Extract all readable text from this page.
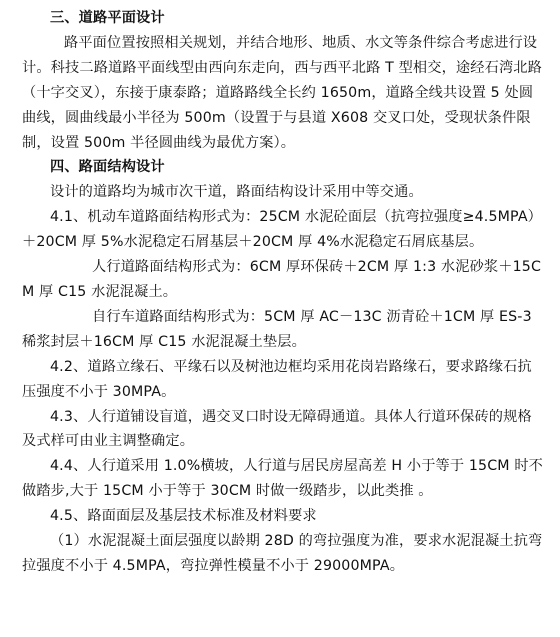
三、道路平面设计

路平面位置按照相关规划，并结合地形、地质、水文等条件综合考虑进行设计。科技二路道路平面线型由西向东走向，西与西平北路 T 型相交，途经石湾北路（十字交叉），东接于康泰路；道路路线全长约 1650m，道路全线共设置 5 处圆曲线，圆曲线最小半径为 500m（设置于与县道 X608 交叉口处，受现状条件限制，设置 500m 半径圆曲线为最优方案）。

四、路面结构设计

设计的道路均为城市次干道，路面结构设计采用中等交通。

4.1、机动车道路面结构形式为：25CM 水泥砼面层（抗弯拉强度≥4.5MPA）＋20CM 厚 5%水泥稳定石屑基层＋20CM 厚 4%水泥稳定石屑底基层。

人行道路面结构形式为：6CM 厚环保砖＋2CM 厚 1:3 水泥砂浆＋15CM 厚 C15 水泥混凝土。

自行车道路面结构形式为：5CM 厚 AC－13C 沥青砼＋1CM 厚 ES-3 稀浆封层＋16CM 厚 C15 水泥混凝土垫层。

4.2、道路立缘石、平缘石以及树池边框均采用花岗岩路缘石，要求路缘石抗压强度不小于 30MPA。

4.3、人行道铺设盲道，遇交叉口时设无障碍通道。具体人行道环保砖的规格及式样可由业主调整确定。

4.4、人行道采用 1.0%横坡，人行道与居民房屋高差 H 小于等于 15CM 时不做踏步,大于 15CM 小于等于 30CM 时做一级踏步，以此类推 。

4.5、路面面层及基层技术标准及材料要求

（1）水泥混凝土面层强度以龄期 28D 的弯拉强度为准，要求水泥混凝土抗弯拉强度不小于 4.5MPA，弯拉弹性模量不小于 29000MPA。
